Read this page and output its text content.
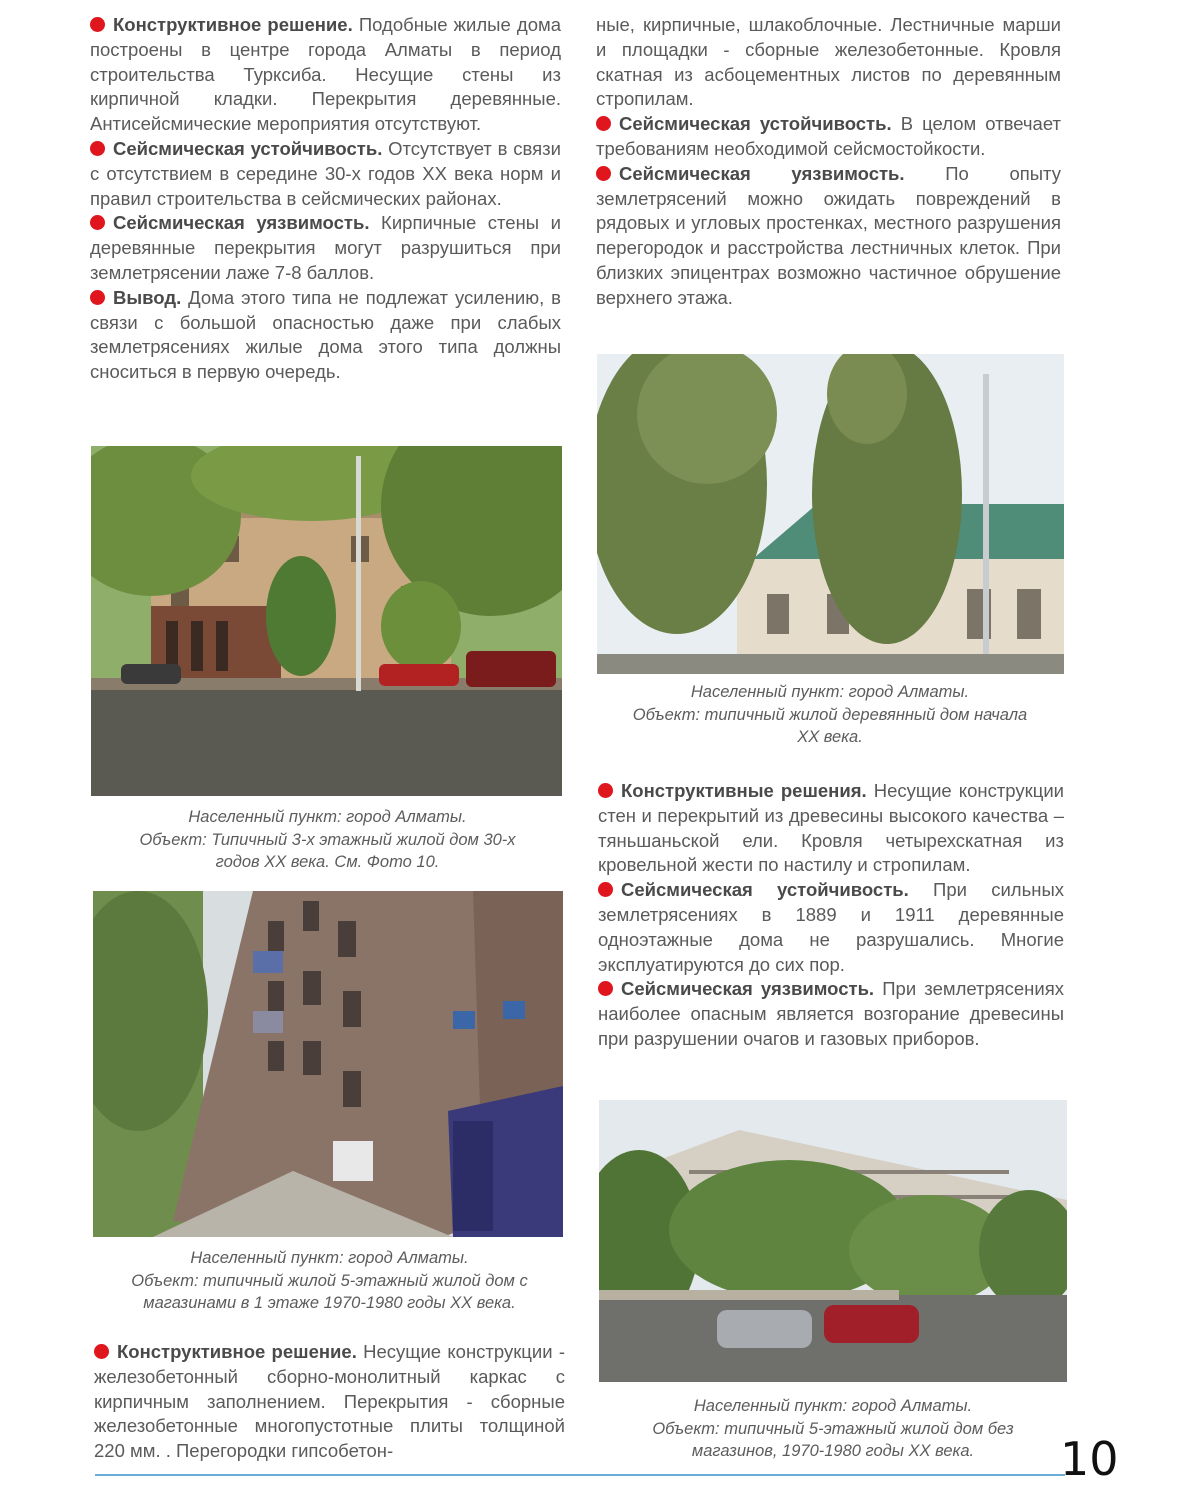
Конструктивное решение. Подобные жилые дома построены в центре города Алматы в период строительства Турксиба. Несущие стены из кирпичной кладки. Перекрытия деревянные. Антисейсмические мероприятия отсутствуют.

Сейсмическая устойчивость. Отсутствует в связи с отсутствием в середине 30-х годов XX века норм и правил строительства в сейсмических районах.

Сейсмическая уязвимость. Кирпичные стены и деревянные перекрытия могут разрушиться при землетрясении лаже 7-8 баллов.

Вывод. Дома этого типа не подлежат усилению, в связи с большой опасностью даже при слабых землетрясениях жилые дома этого типа должны сноситься в первую очередь.

Населенный пункт: город Алматы.
Объект: Типичный 3-х этажный жилой дом 30-х
годов XX века. См. Фото 10.
Населенный пункт: город Алматы.
Объект: типичный жилой 5-этажный жилой дом с
магазинами в 1 этаже 1970-1980 годы XX века.

Конструктивное решение. Несущие конструкции - железобетонный сборно-монолитный каркас с кирпичным заполнением. Перекрытия - сборные железобетонные многопустотные плиты толщиной 220 мм. . Перегородки гипсобетон-

ные, кирпичные, шлакоблочные. Лестничные марши и площадки - сборные железобетонные. Кровля скатная из асбоцементных листов по деревянным стропилам.

Сейсмическая устойчивость. В целом отвечает требованиям необходимой сейсмостойкости.

Сейсмическая уязвимость. По опыту землетрясений можно ожидать повреждений в рядовых и угловых простенках, местного разрушения перегородок и расстройства лестничных клеток. При близких эпицентрах возможно частичное обрушение верхнего этажа.

Населенный пункт: город Алматы.
Объект: типичный жилой деревянный дом начала
XX века.

Конструктивные решения. Несущие конструкции стен и перекрытий из древесины высокого качества – тяньшаньской ели. Кровля четырехскатная из кровельной жести по настилу и стропилам.

Сейсмическая устойчивость. При сильных землетрясениях в 1889 и 1911 деревянные одноэтажные дома не разрушались. Многие эксплуатируются до сих пор.

Сейсмическая уязвимость. При землетрясениях наиболее опасным является возгорание древесины при разрушении очагов и газовых приборов.

Населенный пункт: город Алматы.
Объект: типичный 5-этажный жилой дом без
магазинов, 1970-1980 годы XX века.	10
